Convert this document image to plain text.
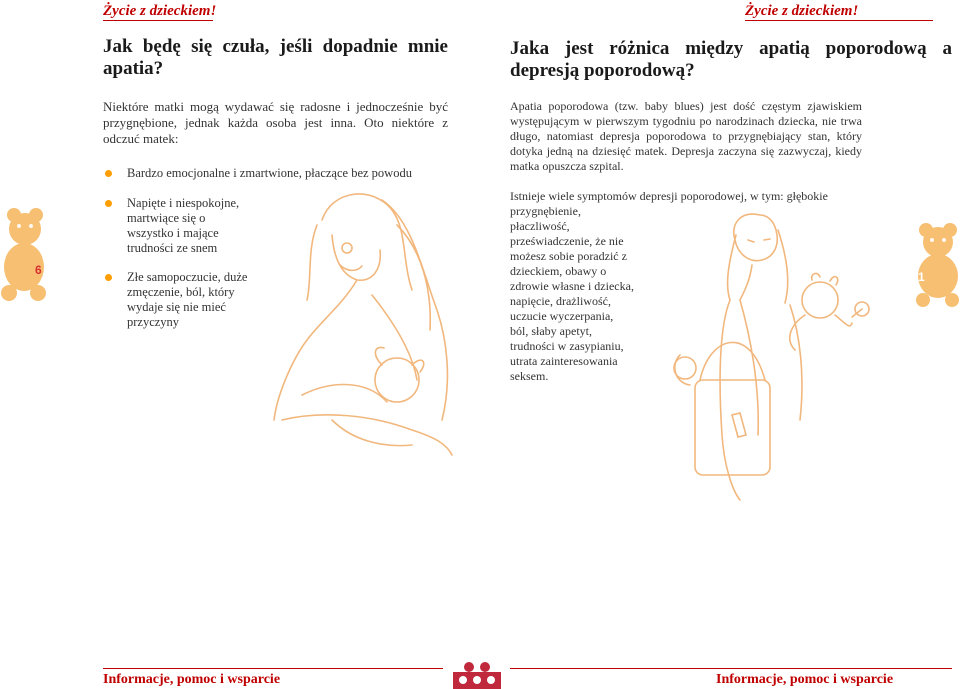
Życie z dzieckiem!
Jak będę się czuła, jeśli dopadnie mnie apatia?
Niektóre matki mogą wydawać się radosne i jednocześnie być przygnębione, jednak każda osoba jest inna. Oto niektóre z odczuć matek:
Bardzo emocjonalne i zmartwione, płaczące bez powodu
Napięte i niespokojne, martwiące się o wszystko i mające trudności ze snem
Złe samopoczucie, duże zmęczenie, ból, który wydaje się nie mieć przyczyny
6
Życie z dzieckiem!
Jaka jest różnica między apatią poporodową a depresją poporodową?
Apatia poporodowa (tzw. baby blues) jest dość częstym zjawiskiem występującym w pierwszym tygodniu po narodzinach dziecka, nie trwa długo, natomiast depresja poporodowa to przygnębiający stan, który dotyka jedną na dziesięć matek. Depresja zaczyna się zazwyczaj, kiedy matka opuszcza szpital.
Istnieje wiele symptomów depresji poporodowej, w tym: głębokie
przygnębienie,
płaczliwość,
przeświadczenie, że nie
możesz sobie poradzić z
dzieckiem, obawy o
zdrowie własne i dziecka,
napięcie, drażliwość,
uczucie wyczerpania,
ból, słaby apetyt,
trudności w zasypianiu,
utrata zainteresowania
seksem.
11
Informacje, pomoc i wsparcie	Informacje, pomoc i wsparcie
